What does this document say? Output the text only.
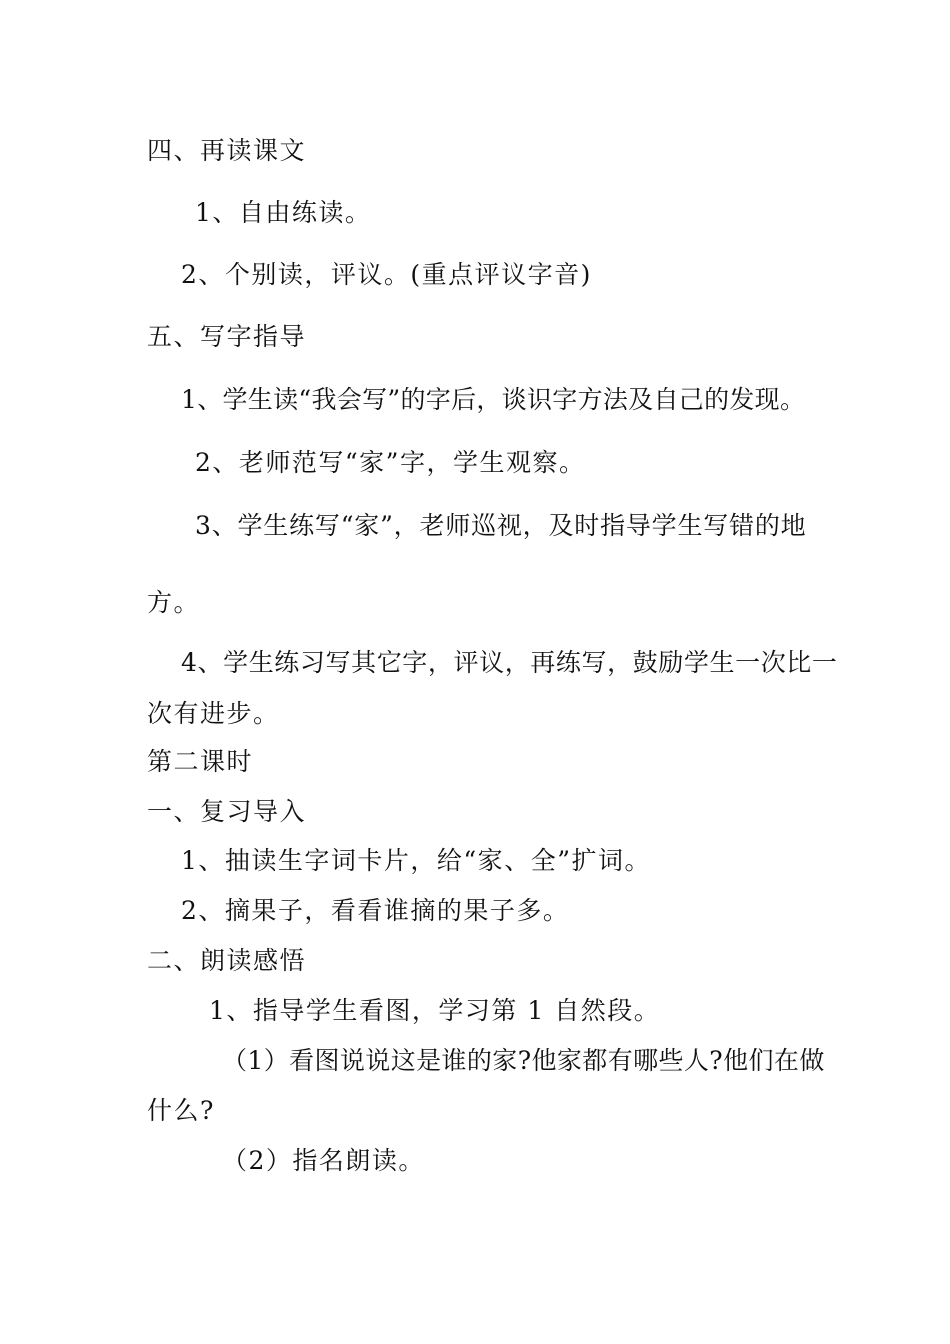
四、再读课文
1、自由练读。
2、个别读，评议。(重点评议字音)
五、写字指导
1、学生读“我会写”的字后，谈识字方法及自己的发现。
2、老师范写“家”字，学生观察。
3、学生练写“家”，老师巡视，及时指导学生写错的地
方。
4、学生练习写其它字，评议，再练写，鼓励学生一次比一
次有进步。
第二课时
一、复习导入
1、抽读生字词卡片，给“家、全”扩词。
2、摘果子，看看谁摘的果子多。
二、朗读感悟
1、指导学生看图，学习第 1 自然段。
（1）看图说说这是谁的家?他家都有哪些人?他们在做
什么?
（2）指名朗读。
